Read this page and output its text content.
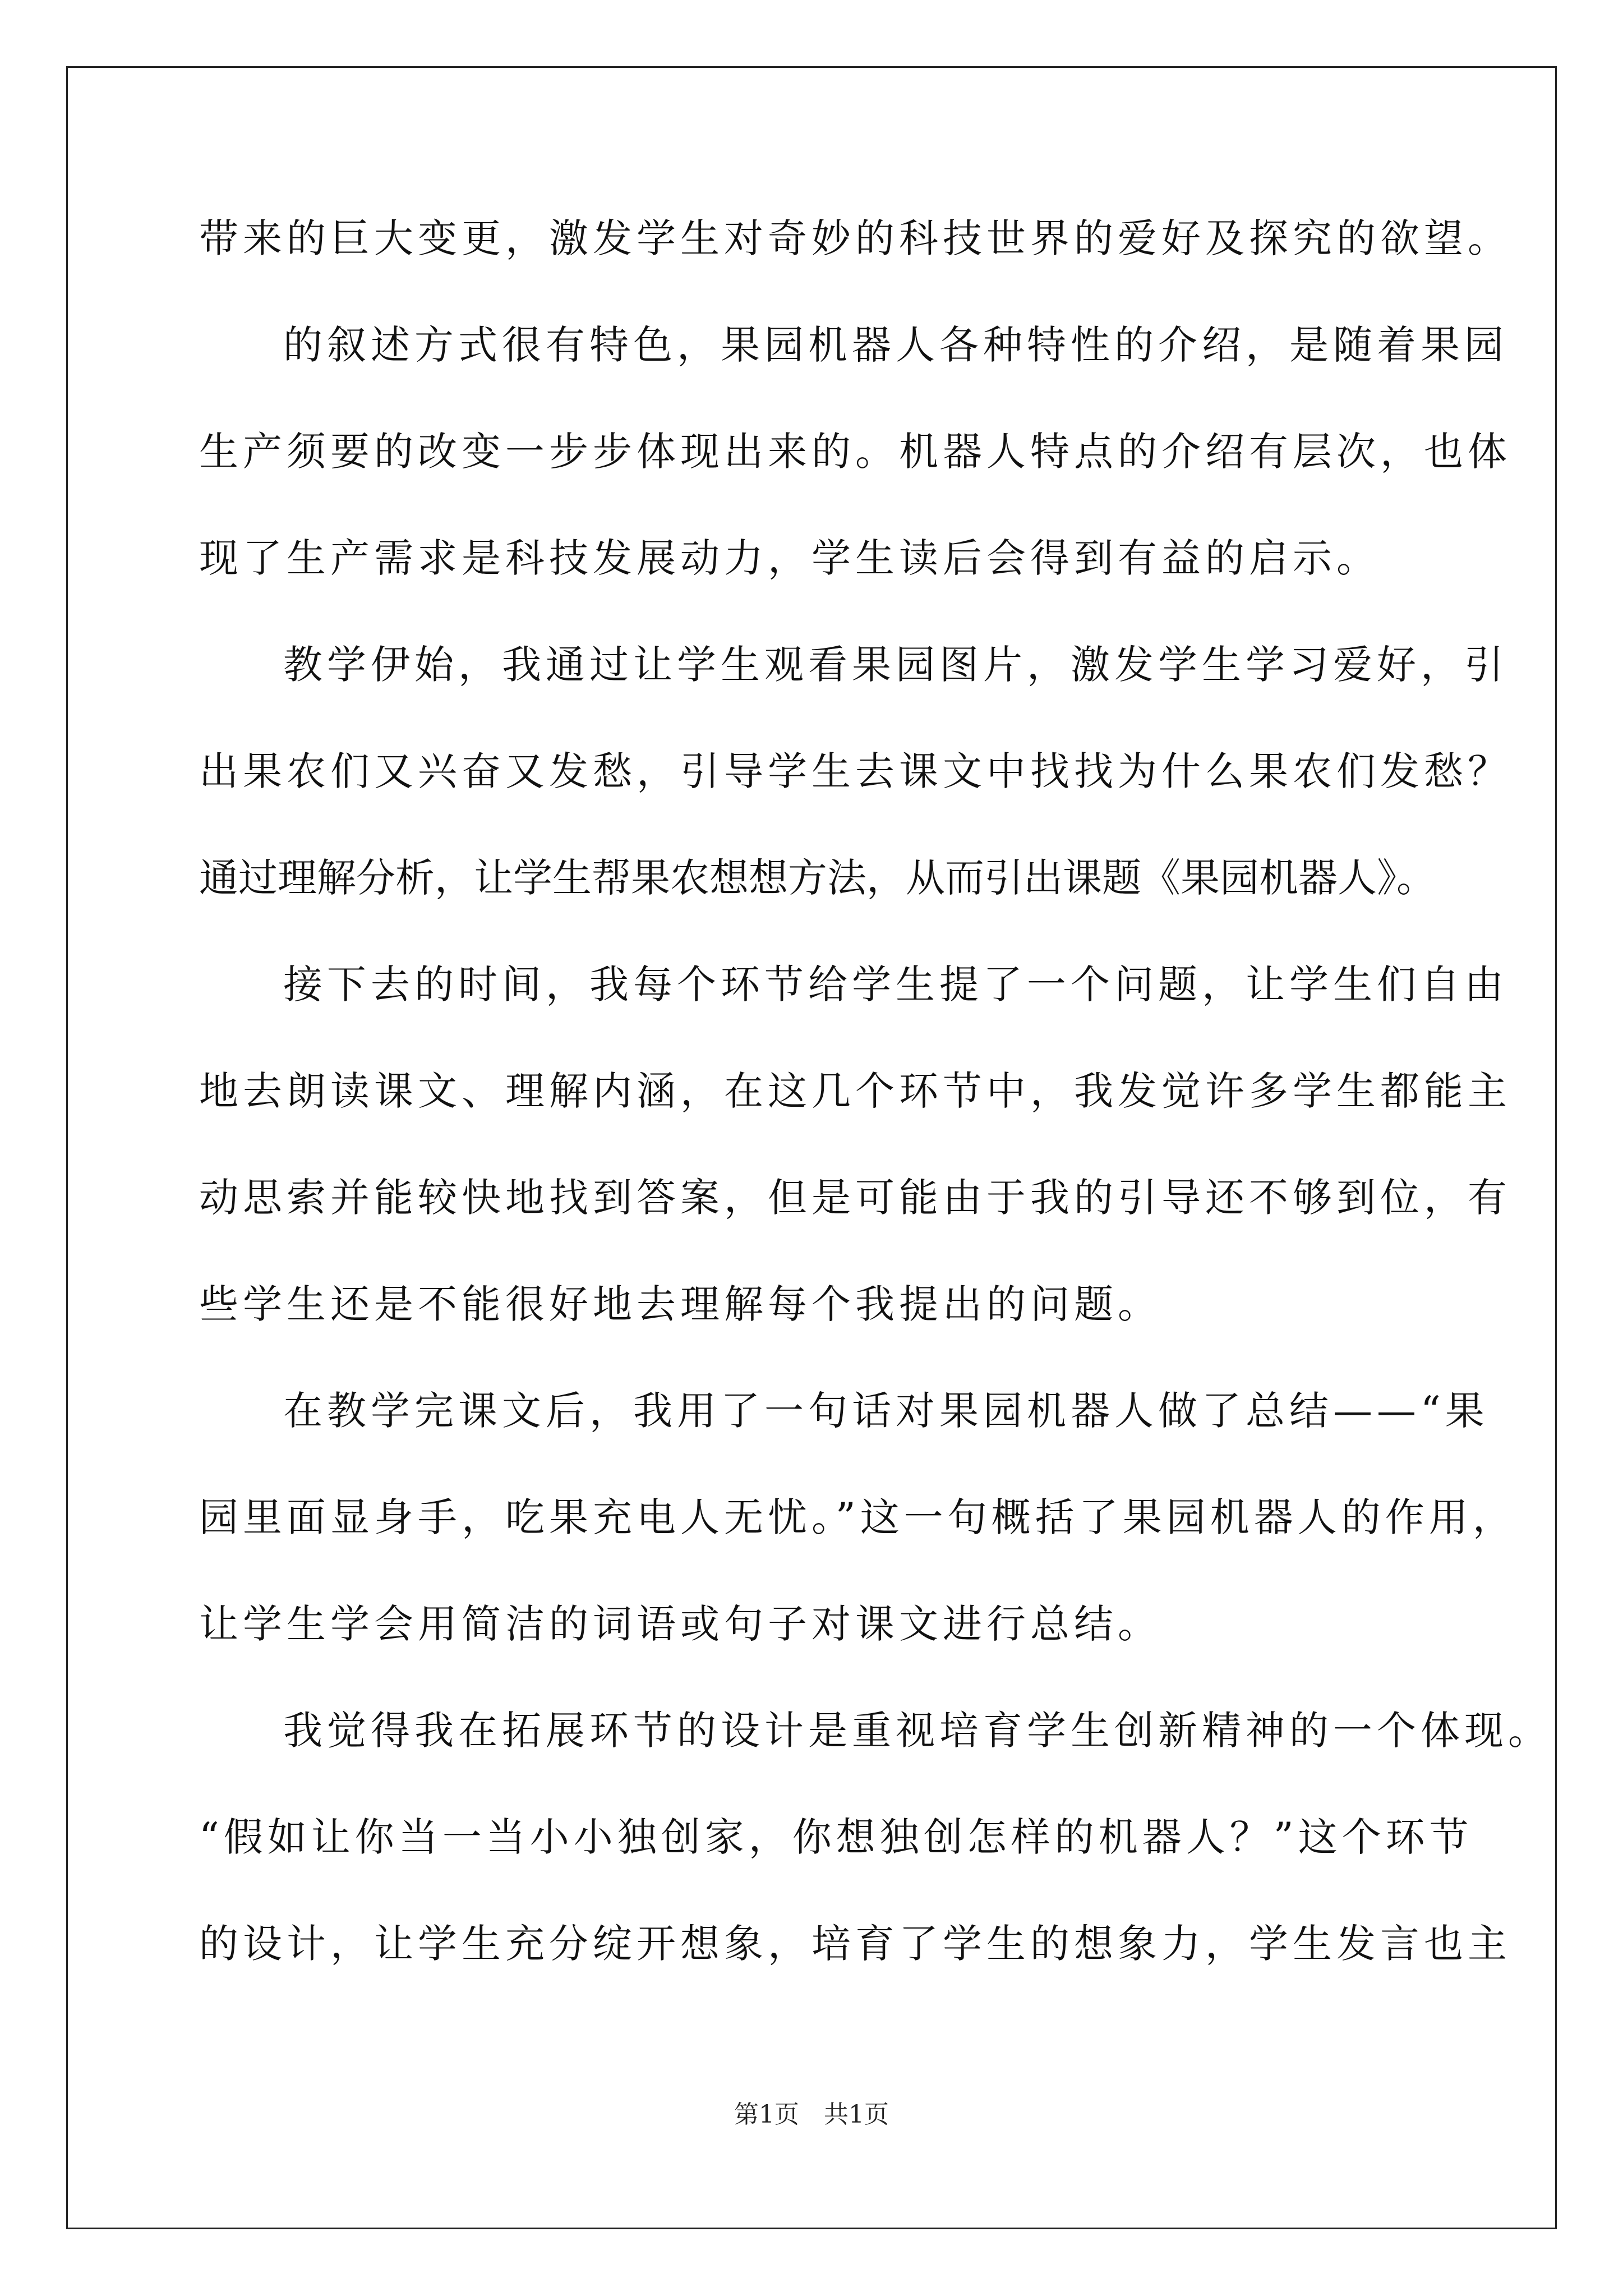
带来的巨大变更，激发学生对奇妙的科技世界的爱好及探究的欲望。
的叙述方式很有特色，果园机器人各种特性的介绍，是随着果园
生产须要的改变一步步体现出来的。机器人特点的介绍有层次，也体
现了生产需求是科技发展动力，学生读后会得到有益的启示。
教学伊始，我通过让学生观看果园图片，激发学生学习爱好，引
出果农们又兴奋又发愁，引导学生去课文中找找为什么果农们发愁？
通过理解分析，让学生帮果农想想方法，从而引出课题《果园机器人》。
接下去的时间，我每个环节给学生提了一个问题，让学生们自由
地去朗读课文、理解内涵，在这几个环节中，我发觉许多学生都能主
动思索并能较快地找到答案，但是可能由于我的引导还不够到位，有
些学生还是不能很好地去理解每个我提出的问题。
在教学完课文后，我用了一句话对果园机器人做了总结——“果
园里面显身手，吃果充电人无忧。”这一句概括了果园机器人的作用，
让学生学会用简洁的词语或句子对课文进行总结。
我觉得我在拓展环节的设计是重视培育学生创新精神的一个体现。
“假如让你当一当小小独创家，你想独创怎样的机器人？”这个环节
的设计，让学生充分绽开想象，培育了学生的想象力，学生发言也主
第1页　共1页
